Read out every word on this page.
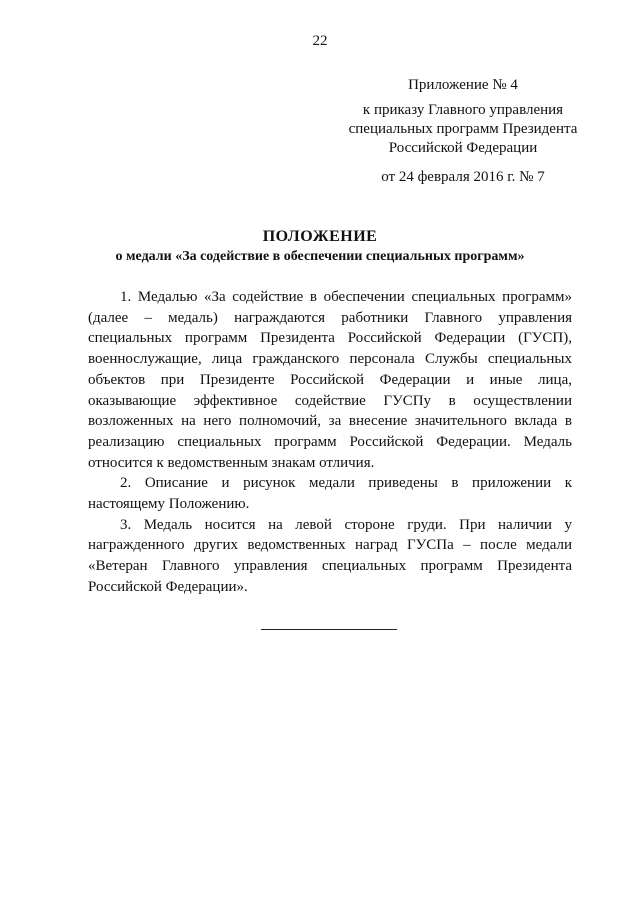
22
Приложение № 4
к приказу Главного управления
специальных программ Президента
Российской Федерации
от 24 февраля 2016 г. № 7
ПОЛОЖЕНИЕ
о медали «За содействие в обеспечении специальных программ»

1. Медалью «За содействие в обеспечении специальных программ» (далее – медаль) награждаются работники Главного управления специальных программ Президента Российской Федерации (ГУСП), военнослужащие, лица гражданского персонала Службы специальных объектов при Президенте Российской Федерации и иные лица, оказывающие эффективное содействие ГУСПу в осуществлении возложенных на него полномочий, за внесение значительного вклада в реализацию специальных программ Российской Федерации. Медаль относится к ведомственным знакам отличия.

2. Описание и рисунок медали приведены в приложении к настоящему Положению.

3. Медаль носится на левой стороне груди. При наличии у награжденного других ведомственных наград ГУСПа – после медали «Ветеран Главного управления специальных программ Президента Российской Федерации».
